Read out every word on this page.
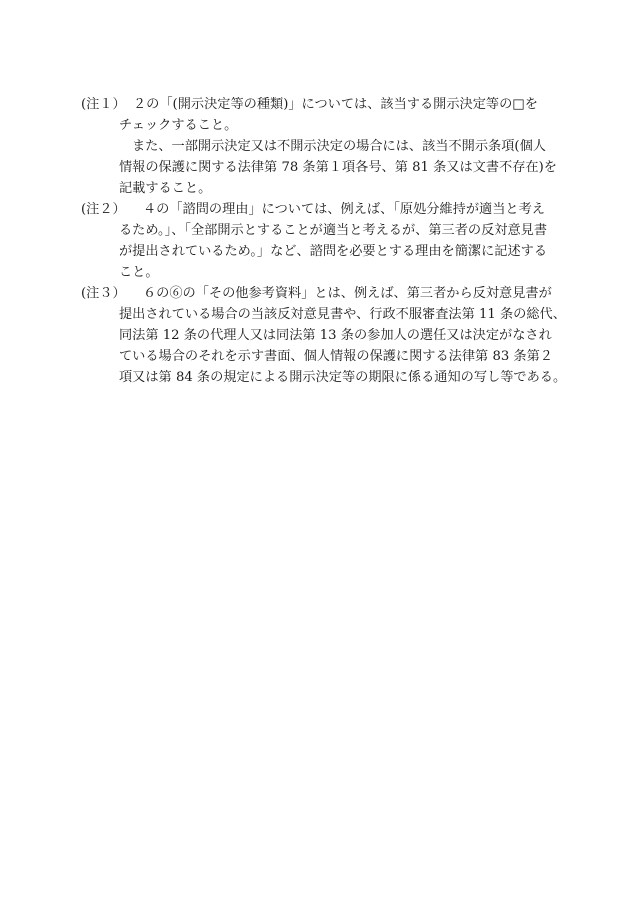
(注１） ２の「(開示決定等の種類)」については、該当する開示決定等の□を
チェックすること。
また、一部開示決定又は不開示決定の場合には、該当不開示条項(個人
情報の保護に関する法律第 78 条第１項各号、第 81 条又は文書不存在)を
記載すること。
(注２） ４の「諮問の理由」については、例えば、「原処分維持が適当と考え
るため。」、「全部開示とすることが適当と考えるが、第三者の反対意見書
が提出されているため。」など、諮問を必要とする理由を簡潔に記述する
こと。
(注３） ６の⑥の「その他参考資料」とは、例えば、第三者から反対意見書が
提出されている場合の当該反対意見書や、行政不服審査法第 11 条の総代、
同法第 12 条の代理人又は同法第 13 条の参加人の選任又は決定がなされ
ている場合のそれを示す書面、個人情報の保護に関する法律第 83 条第２
項又は第 84 条の規定による開示決定等の期限に係る通知の写し等である。
